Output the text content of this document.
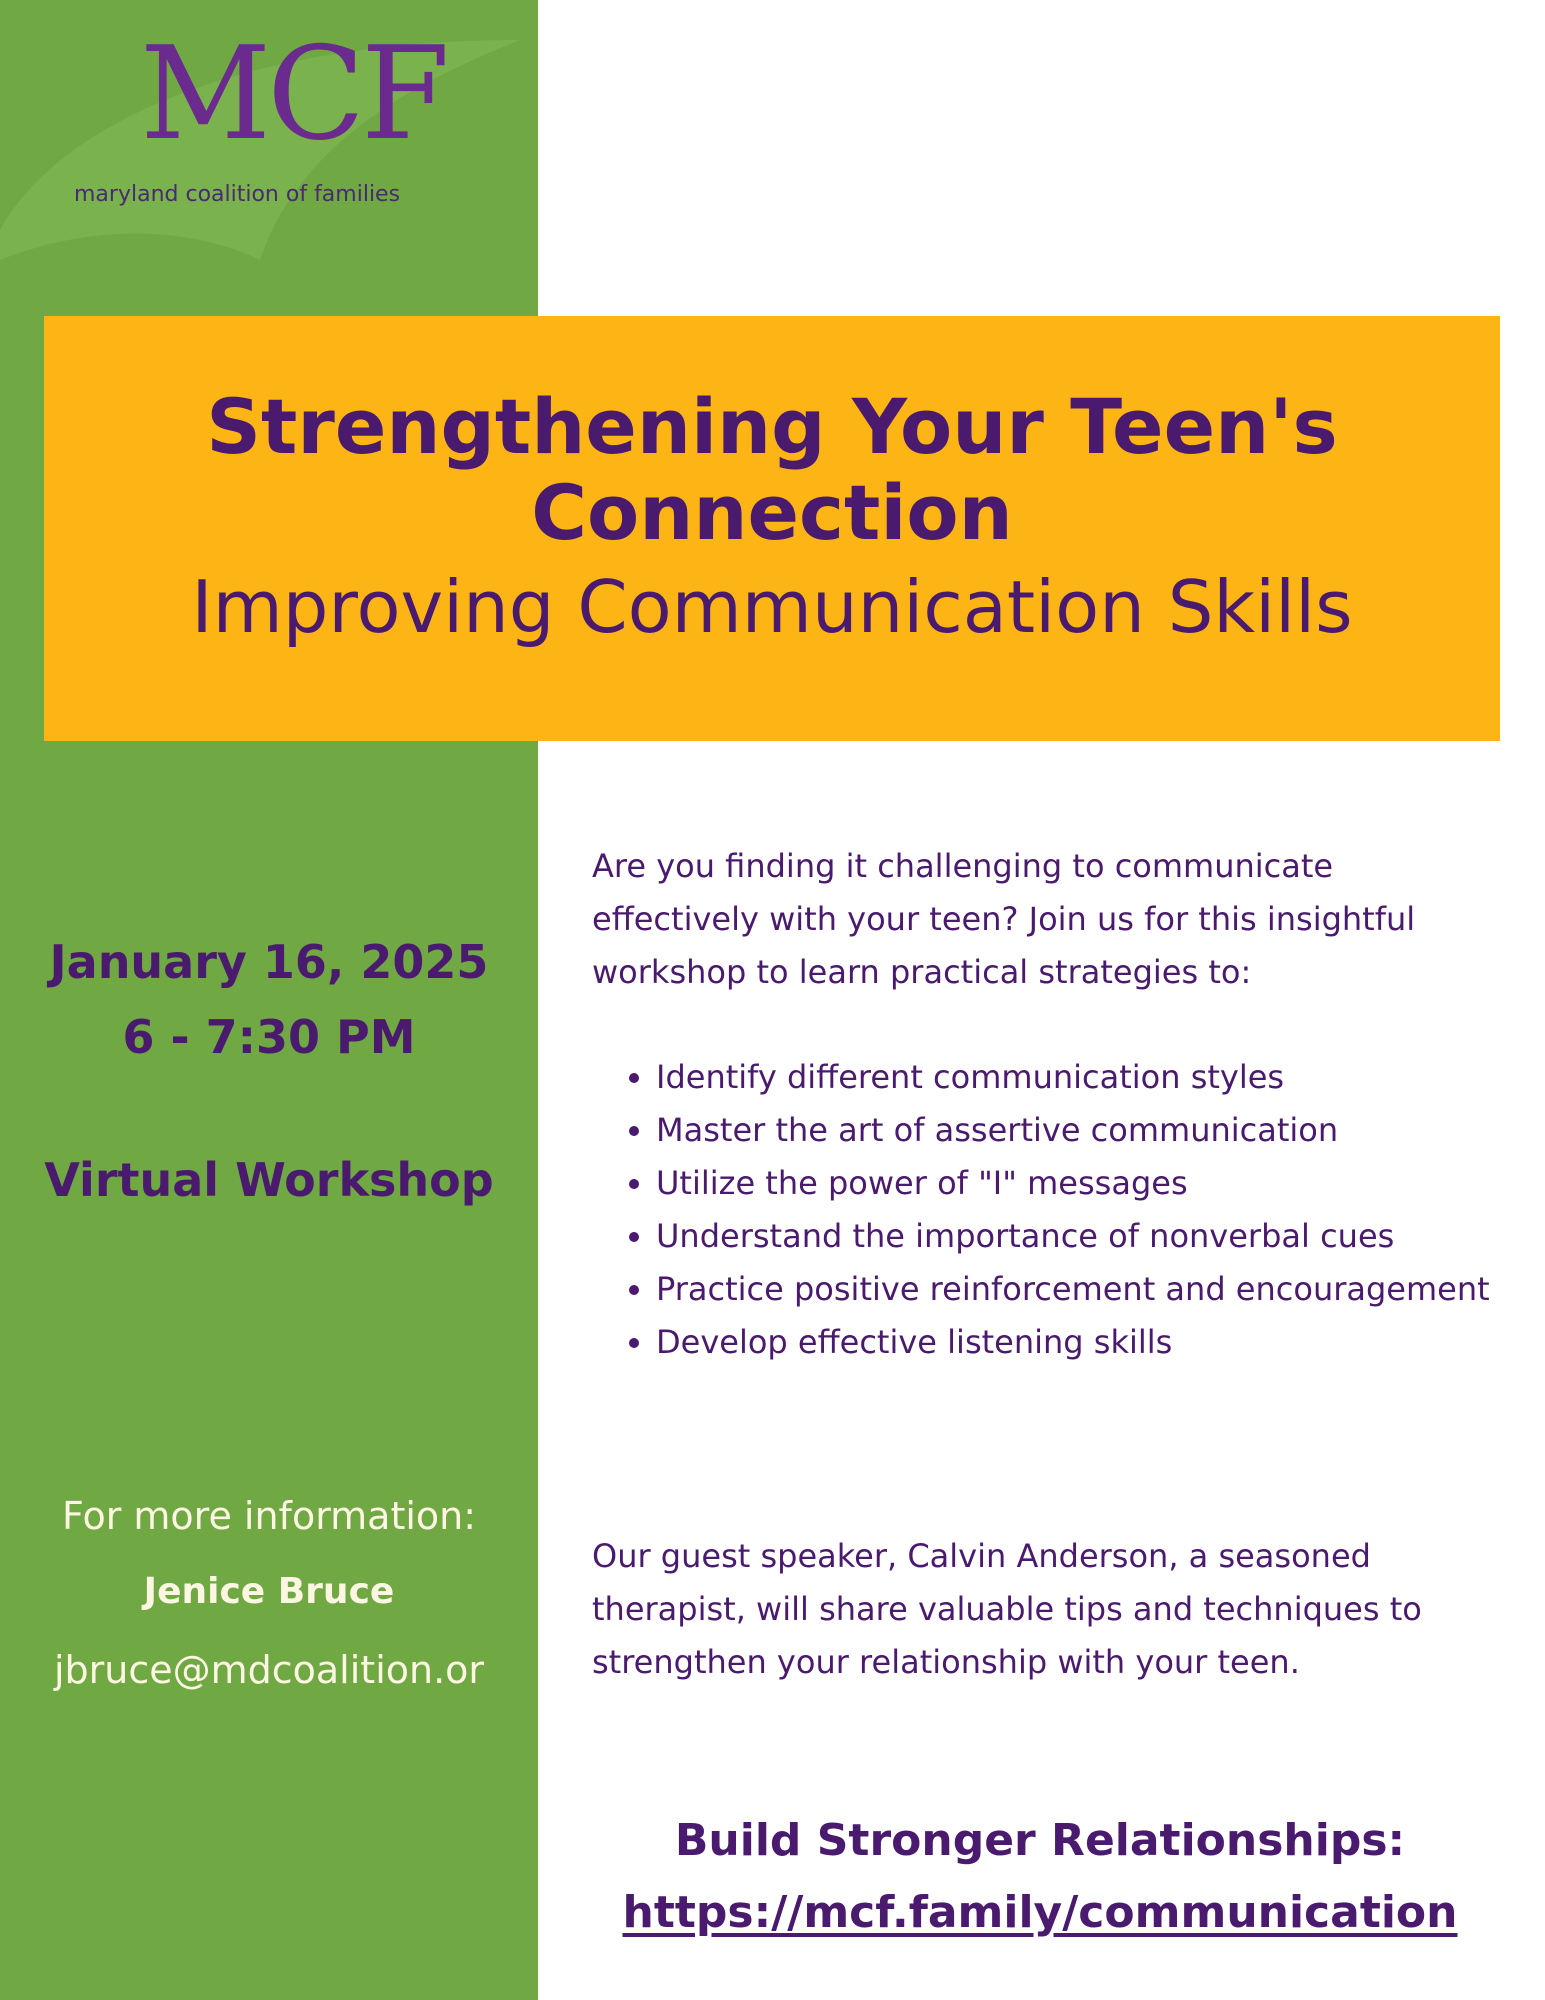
MCF
maryland coalition of families
Strengthening Your Teen's
Connection
Improving Communication Skills
January 16, 2025
6 - 7:30 PM
Virtual Workshop
For more information:
Jenice Bruce
jbruce@mdcoalition.or
Are you finding it challenging to communicate effectively with your teen? Join us for this insightful workshop to learn practical strategies to:
• Identify different communication styles
• Master the art of assertive communication
• Utilize the power of "I" messages
• Understand the importance of nonverbal cues
• Practice positive reinforcement and encouragement
• Develop effective listening skills
Our guest speaker, Calvin Anderson, a seasoned therapist, will share valuable tips and techniques to strengthen your relationship with your teen.
Build Stronger Relationships:
https://mcf.family/communication
